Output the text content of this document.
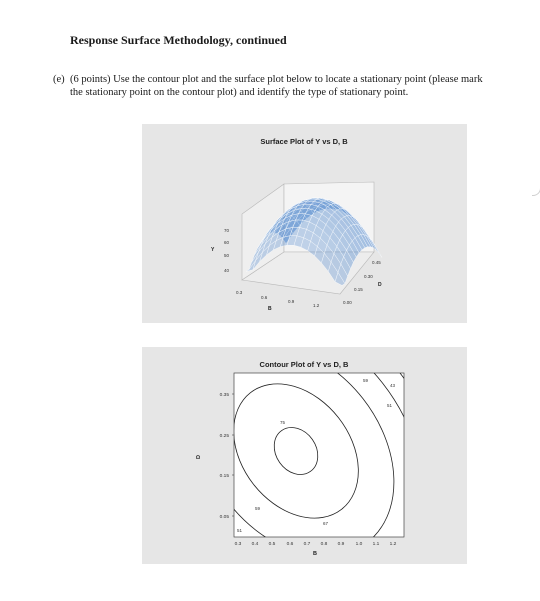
Response Surface Methodology, continued
(e) (6 points) Use the contour plot and the surface plot below to locate a stationary point (please mark the stationary point on the contour plot) and identify the type of stationary point.
Surface Plot of Y vs D, B
70
60
50
40
Y
0.3
0.6
0.9
1.2
B
0.00
0.15
0.30
0.45
D
Contour Plot of Y vs D, B
75
67
59
59
51
51
43
0.35
0.25
0.15
0.05
D
0.3 0.4 0.5 0.6 0.7 0.8 0.9 1.0 1.1 1.2
B
